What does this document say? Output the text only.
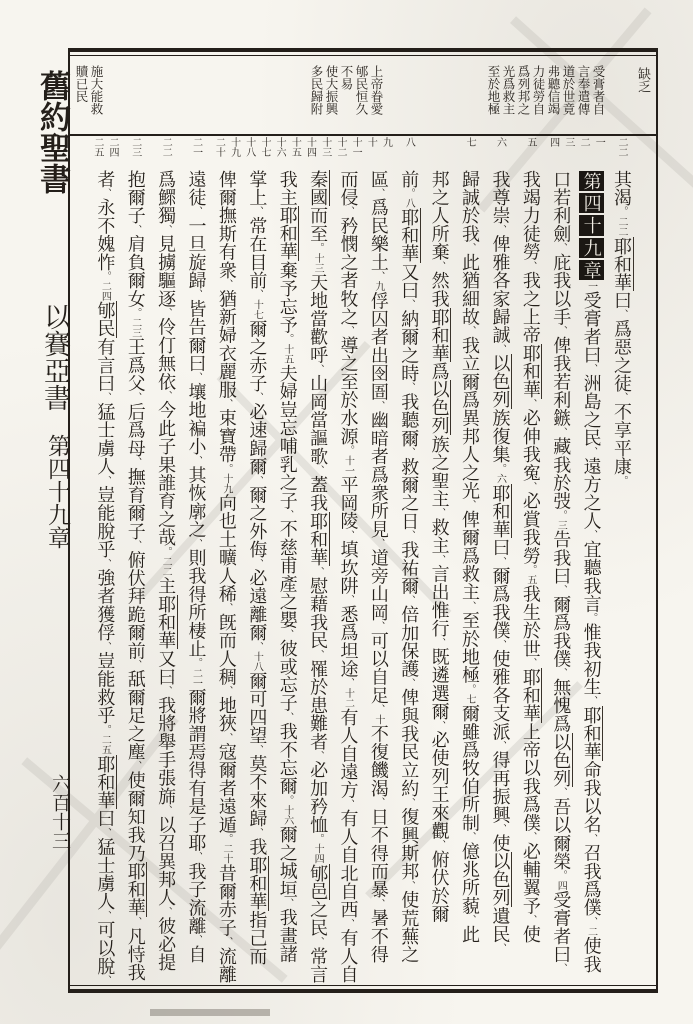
舊約聖書
以賽亞書
第四十九章
六百十三
缺乏
受膏者自
言奉遣傳
道於世竟
弗聽信竭
力徒勞自
爲列邦之
光爲救主
至於地極
上帝眷愛
郇民恒久
不易
使大振興
多民歸附
施大能救
贖已民
二二
一
二
三
四
五
六
七
八
九
十
十一
十二
十三
十四
十五
十六
十七
十八
十九
二十
二一
二二
二三
二四
二五
其渴。二二耶和華曰、爲惡之徒、不享平康。
第四十九章一受膏者曰、洲島之民、遠方之人、宜聽我言。惟我初生、耶和華命我以名、召我爲僕、二使我
口若利劍、庇我以手、俾我若利鏃、藏我於弢。三告我曰、爾爲我僕、無愧爲以色列、吾以爾榮。四受膏者曰、
我竭力徒勞、我之上帝耶和華、必伸我寃、必賞我勞。五我生於世、耶和華上帝以我爲僕、必輔翼予、使
我尊崇、俾雅各家歸誠、以色列族復集。六耶和華曰、爾爲我僕、使雅各支派、得再振興、使以色列遺民、
歸誠於我、此猶細故、我立爾爲異邦人之光、俾爾爲救主、至於地極。七爾雖爲牧伯所制、億兆所藐、此
邦之人所棄、然我耶和華爲以色列族之聖主、救主、言出惟行、既遴選爾、必使列王來觀、俯伏於爾
前。八耶和華又曰、納爾之時、我聽爾、救爾之日、我祐爾、倍加保護、俾與我民立約、復興斯邦、使荒蕪之
區、爲民樂土、九俘囚者出囹圄、幽暗者爲衆所見、道旁山岡、可以自足、十不復饑渴、日不得而暴、暑不得
而侵、矜憫之者牧之、導之至於水源。十一平岡陵、填坎阱、悉爲坦途、十二有人自遠方、有人自北自西、有人自
秦國而至。十三天地當歡呼、山岡當謳歌、蓋我耶和華、慰藉我民、罹於患難者、必加矜恤。十四郇邑之民、常言
我主耶和華棄予忘予。十五夫婦豈忘哺乳之子、不慈甫產之嬰、彼或忘子、我不忘爾。十六爾之城垣、我畫諸
掌上、常在目前、十七爾之赤子、必速歸爾、爾之外侮、必遠離爾、十八爾可四望、莫不來歸、我耶和華指己而
俾爾撫斯有衆、猶新婦衣麗服、束寶帶。十九向也土曠人稀、旣而人稠、地狹、寇爾者遠遁。二十昔爾赤子、流離
遠徒、一旦旋歸、皆告爾曰、壤地褊小、其恢廓之、則我得所棲止。二一爾將謂焉得有是子耶、我子流離、自
爲鰥獨、見擄驅逐、伶仃無依、今此子果誰育之哉。二二主耶和華又曰、我將舉手張旆、以召異邦人、彼必提
抱爾子、肩負爾女。二三王爲父、后爲母、撫育爾子、俯伏拜跪爾前、舐爾足之塵、使爾知我乃耶和華、凡恃我
者、永不媿怍。二四郇民有言曰、猛士虜人、豈能脫乎、強者獲俘、豈能救乎。二五耶和華曰、猛士虜人、可以脫、
